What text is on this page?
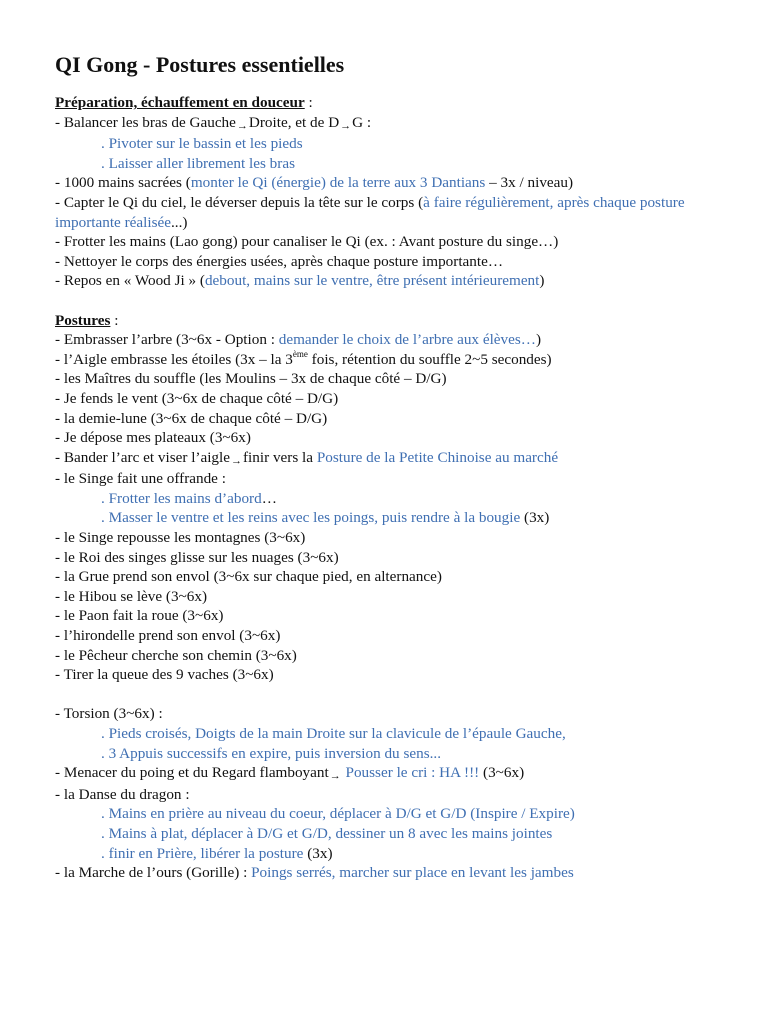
QI Gong - Postures essentielles
Préparation, échauffement en douceur :
- Balancer les bras de Gauche→Droite, et de D→G :
. Pivoter sur le bassin et les pieds
. Laisser aller librement les bras
- 1000 mains sacrées (monter le Qi (énergie) de la terre aux 3 Dantians – 3x / niveau)
- Capter le Qi du ciel, le déverser depuis la tête sur le corps (à faire régulièrement, après chaque posture importante réalisée...)
- Frotter les mains (Lao gong) pour canaliser le Qi (ex. : Avant posture du singe…)
- Nettoyer le corps des énergies usées, après chaque posture importante…
- Repos en « Wood Ji » (debout, mains sur le ventre, être présent intérieurement)
Postures :
- Embrasser l’arbre (3~6x - Option : demander le choix de l’arbre aux élèves…)
- l’Aigle embrasse les étoiles (3x – la 3ème fois, rétention du souffle 2~5 secondes)
- les Maîtres du souffle (les Moulins – 3x de chaque côté – D/G)
- Je fends le vent (3~6x de chaque côté – D/G)
- la demie-lune (3~6x de chaque côté – D/G)
- Je dépose mes plateaux (3~6x)
- Bander l’arc et viser l’aigle→finir vers la Posture de la Petite Chinoise au marché
- le Singe fait une offrande :
. Frotter les mains d’abord…
. Masser le ventre et les reins avec les poings, puis rendre à la bougie (3x)
- le Singe repousse les montagnes (3~6x)
- le Roi des singes glisse sur les nuages (3~6x)
- la Grue prend son envol (3~6x sur chaque pied, en alternance)
- le Hibou se lève (3~6x)
- le Paon fait la roue (3~6x)
- l’hirondelle prend son envol (3~6x)
- le Pêcheur cherche son chemin (3~6x)
- Tirer la queue des 9 vaches (3~6x)
- Torsion (3~6x) :
. Pieds croisés, Doigts de la main Droite sur la clavicule de l’épaule Gauche,
. 3 Appuis successifs en expire, puis inversion du sens...
- Menacer du poing et du Regard flamboyant→ Pousser le cri : HA !!! (3~6x)
- la Danse du dragon :
. Mains en prière au niveau du coeur, déplacer à D/G et G/D (Inspire / Expire)
. Mains à plat, déplacer à D/G et G/D, dessiner un 8 avec les mains jointes
. finir en Prière, libérer la posture (3x)
- la Marche de l’ours (Gorille) : Poings serrés, marcher sur place en levant les jambes
